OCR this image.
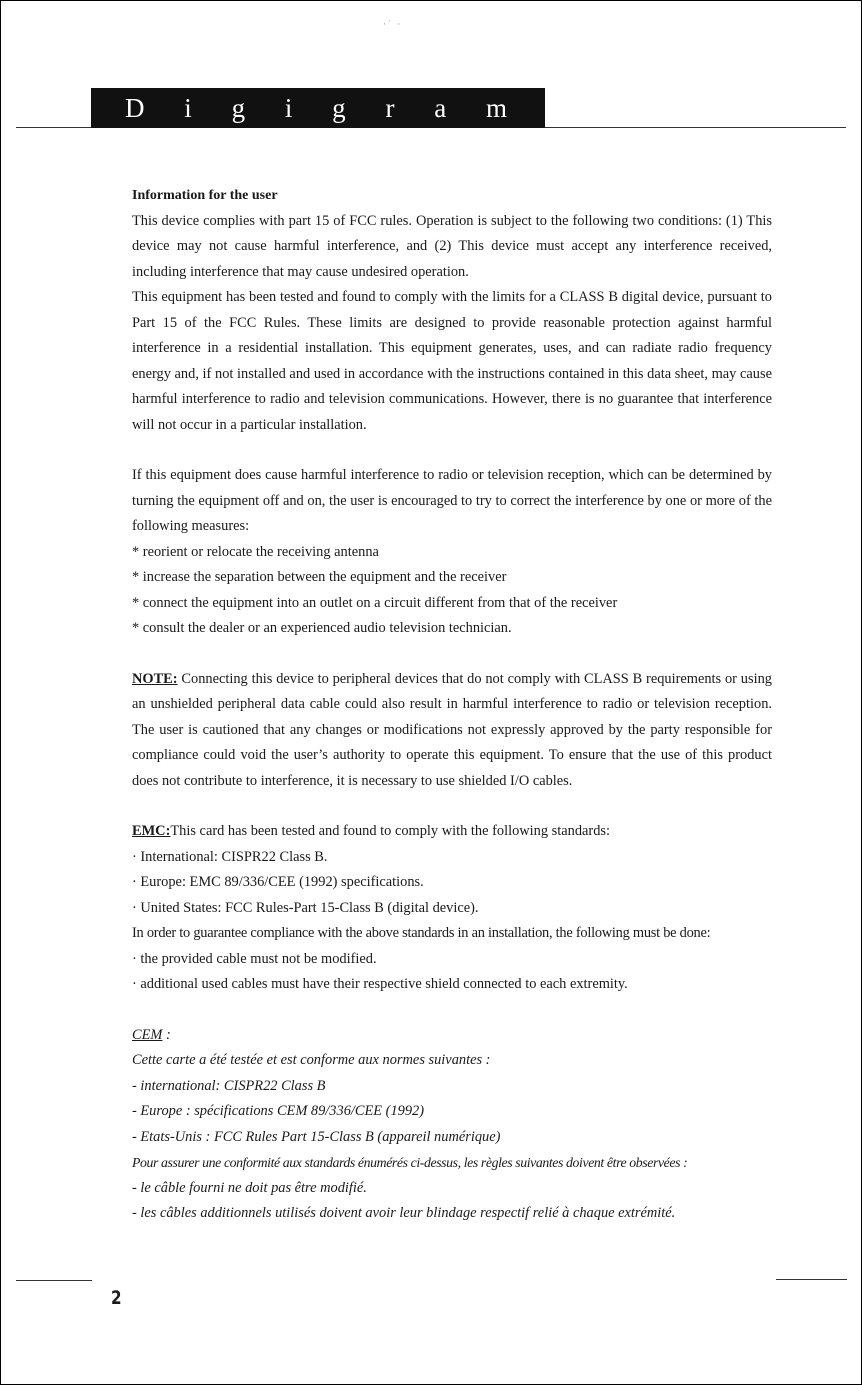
⋅˙ ·
D i g i g r a m

Information for the user

This device complies with part 15 of FCC rules. Operation is subject to the following two conditions: (1) This device may not cause harmful interference, and (2) This device must accept any interference received, including interference that may cause undesired operation.

This equipment has been tested and found to comply with the limits for a CLASS B digital device, pursuant to Part 15 of the FCC Rules. These limits are designed to provide reasonable protection against harmful interference in a residential installation. This equipment generates, uses, and can radiate radio frequency energy and, if not installed and used in accordance with the instructions contained in this data sheet, may cause harmful interference to radio and television communications. However, there is no guarantee that interference will not occur in a particular installation.

If this equipment does cause harmful interference to radio or television reception, which can be determined by turning the equipment off and on, the user is encouraged to try to correct the interference by one or more of the following measures:

* reorient or relocate the receiving antenna
* increase the separation between the equipment and the receiver
* connect the equipment into an outlet on a circuit different from that of the receiver
* consult the dealer or an experienced audio television technician.

NOTE: Connecting this device to peripheral devices that do not comply with CLASS B requirements or using an unshielded peripheral data cable could also result in harmful interference to radio or television reception. The user is cautioned that any changes or modifications not expressly approved by the party responsible for compliance could void the user’s authority to operate this equipment. To ensure that the use of this product does not contribute to interference, it is necessary to use shielded I/O cables.

EMC:This card has been tested and found to comply with the following standards:

· International: CISPR22 Class B.
· Europe: EMC 89/336/CEE (1992) specifications.
· United States: FCC Rules-Part 15-Class B (digital device).

In order to guarantee compliance with the above standards in an installation, the following must be done:

· the provided cable must not be modified.
· additional used cables must have their respective shield connected to each extremity.

CEM :

Cette carte a été testée et est conforme aux normes suivantes :

- international: CISPR22 Class B
- Europe : spécifications CEM 89/336/CEE (1992)
- Etats-Unis : FCC Rules Part 15-Class B (appareil numérique)

Pour assurer une conformité aux standards énumérés ci-dessus, les règles suivantes doivent être observées :

- le câble fourni ne doit pas être modifié.
- les câbles additionnels utilisés doivent avoir leur blindage respectif relié à chaque extrémité.
2
